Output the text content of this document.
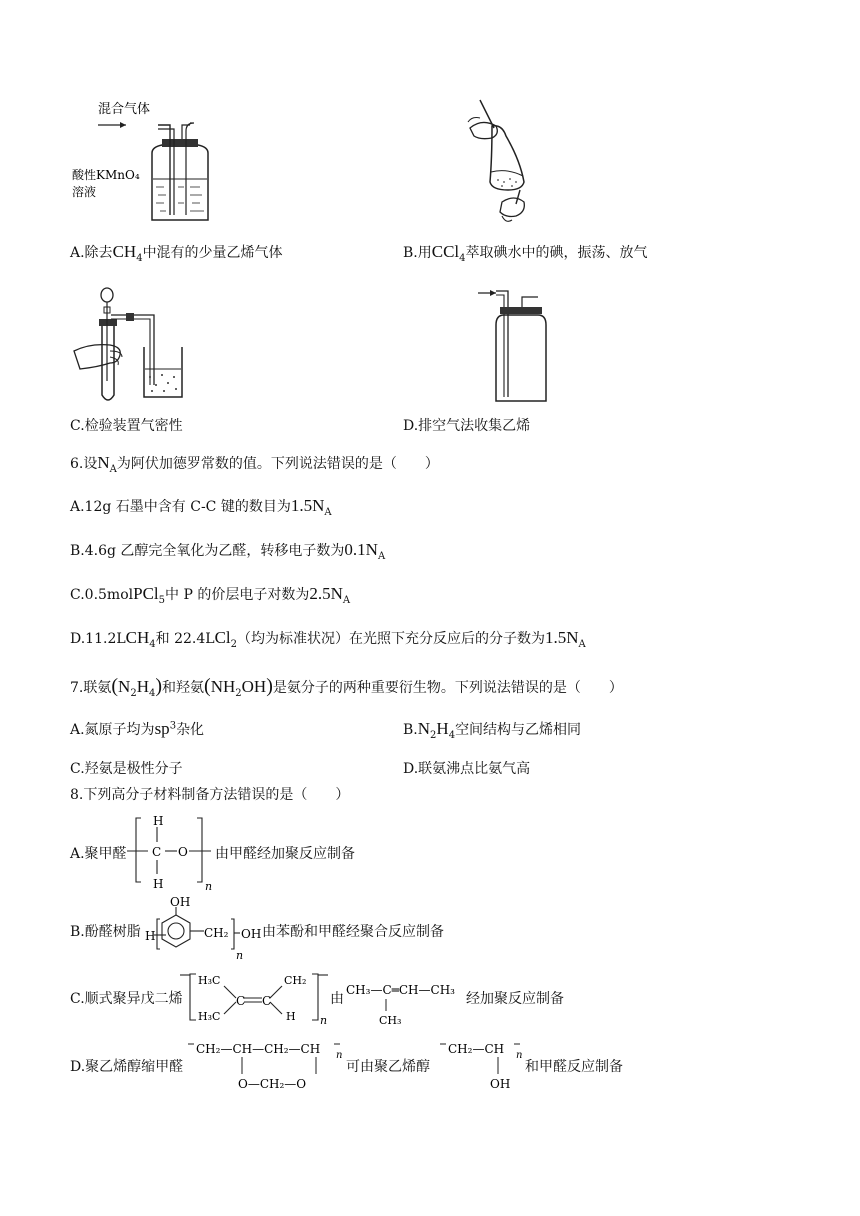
混合气体
酸性KMnO₄
溶液
A.除去$CH_4$中混有的少量乙烯气体	B.用CCl$_4$萃取碘水中的碘，振荡、放气
C.检验装置气密性	D.排空气法收集乙烯
6.设$N_A$为阿伏加德罗常数的值。下列说法错误的是（　　）
A.12g 石墨中含有 C-C 键的数目为$1.5N_A$
B.4.6g 乙醇完全氧化为乙醛，转移电子数为$0.1N_A$
C.0.5molPCl$_5$中 P 的价层电子对数为$2.5N_A$
$D.11.2LCH_4$和 22.4LCl$_2$（均为标准状况）在光照下充分反应后的分子数为$1.5N_A$
7.联氨$(N_2H_4)$和羟氨$(NH_2OH)$是氨分子的两种重要衍生物。下列说法错误的是（　　）
A.氮原子均为$sp^3$杂化	$B.N_2H_4$空间结构与乙烯相同
C.羟氨是极性分子	D.联氨沸点比氨气高
8.下列高分子材料制备方法错误的是（　　）
A.聚甲醛
H
C O
H	n
由甲醛经加聚反应制备
B.酚醛树脂 H
OH
CH₂
n
OH 由苯酚和甲醛经聚合反应制备
C.顺式聚异戊二烯
H₃C
H₃C
C C
CH₂
H n
由
CH₃—C═CH—CH₃
CH₃
经加聚反应制备
D.聚乙烯醇缩甲醛
CH₂—CH—CH₂—CH n
O—CH₂—O
可由聚乙烯醇
CH₂—CH n
OH
和甲醛反应制备
